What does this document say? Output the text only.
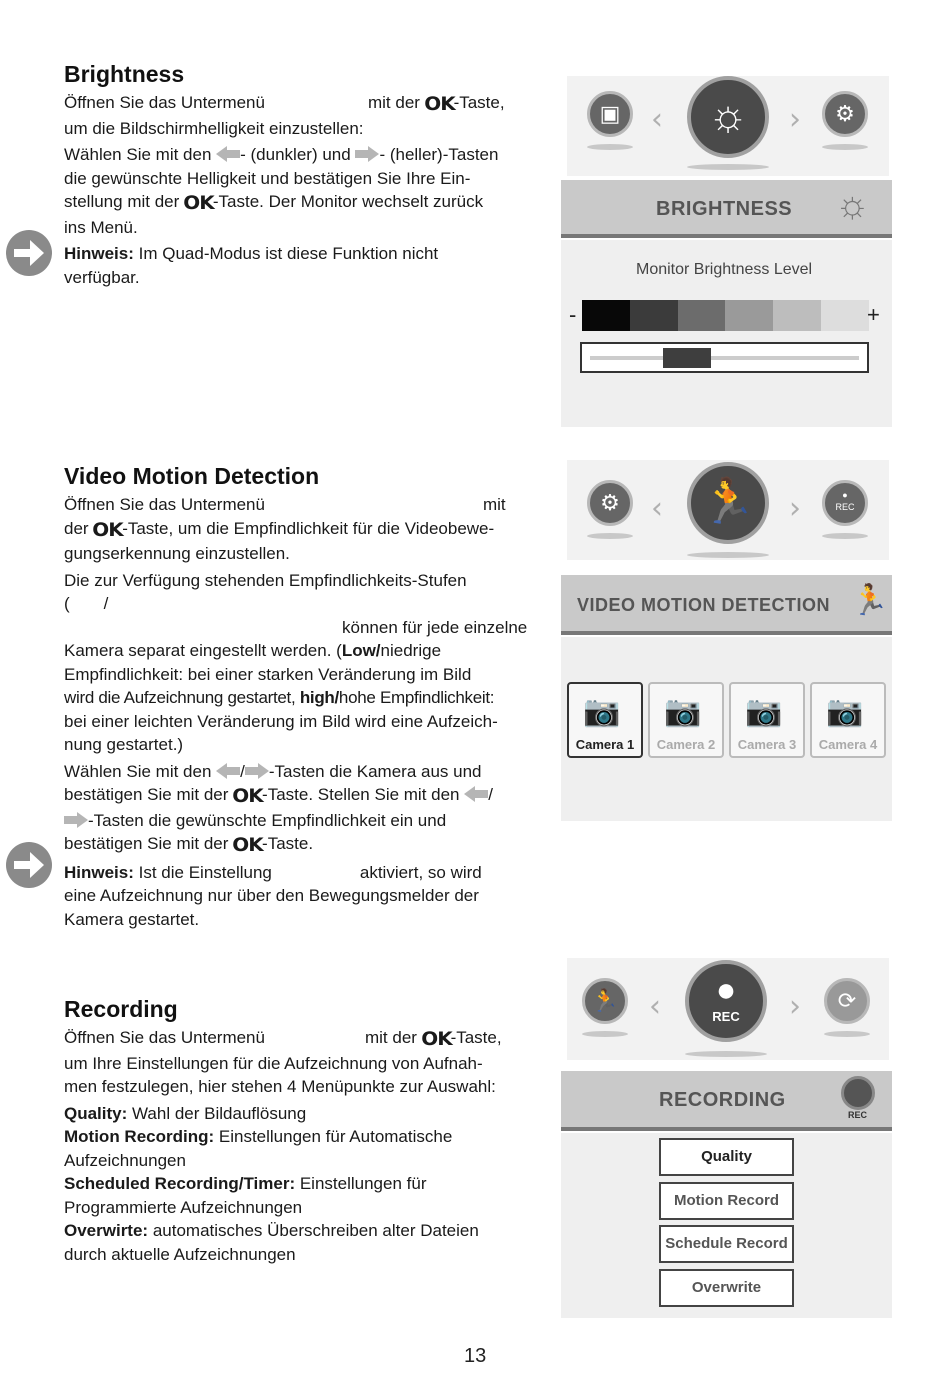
Brightness
Öffnen Sie das Untermenü	mit der OK-Taste,
um die Bildschirmhelligkeit einzustellen:
Wählen Sie mit den - (dunkler) und - (heller)-Tasten
die gewünschte Helligkeit und bestätigen Sie Ihre Ein-
stellung mit der OK-Taste. Der Monitor wechselt zurück
ins Menü.
Hinweis: Im Quad-Modus ist diese Funktion nicht
verfügbar.
▣	‹	☼	›	⚙
BRIGHTNESS ☼
Monitor Brightness Level
-	+
Video Motion Detection
Öffnen Sie das Untermenü	mit
der OK-Taste, um die Empfindlichkeit für die Videobewe-
gungserkennung einzustellen.
Die zur Verfügung stehenden Empfindlichkeits-Stufen
( /
können für jede einzelne
Kamera separat eingestellt werden. (Low/niedrige
Empfindlichkeit: bei einer starken Veränderung im Bild
wird die Aufzeichnung gestartet, high/hohe Empfindlichkeit:
bei einer leichten Veränderung im Bild wird eine Aufzeich-
nung gestartet.)
Wählen Sie mit den / -Tasten die Kamera aus und
bestätigen Sie mit der OK-Taste. Stellen Sie mit den /
-Tasten die gewünschte Empfindlichkeit ein und
bestätigen Sie mit der OK-Taste.
Hinweis: Ist die Einstellung	aktiviert, so wird
eine Aufzeichnung nur über den Bewegungsmelder der
Kamera gestartet.
⚙	‹ 🏃	›	●
REC
VIDEO MOTION DETECTION 🏃
📷
Camera 1
📷
Camera 2
📷
Camera 3
📷
Camera 4
Recording
Öffnen Sie das Untermenü	mit der OK-Taste,
um Ihre Einstellungen für die Aufzeichnung von Aufnah-
men festzulegen, hier stehen 4 Menüpunkte zur Auswahl:
Quality: Wahl der Bildauflösung
Motion Recording: Einstellungen für Automatische
Aufzeichnungen
Scheduled Recording/Timer: Einstellungen für
Programmierte Aufzeichnungen
Overwirte: automatisches Überschreiben alter Dateien
durch aktuelle Aufzeichnungen
🏃	‹	●
REC	›	⟳
RECORDING
REC
Quality
Motion Record
Schedule Record
Overwrite
13
